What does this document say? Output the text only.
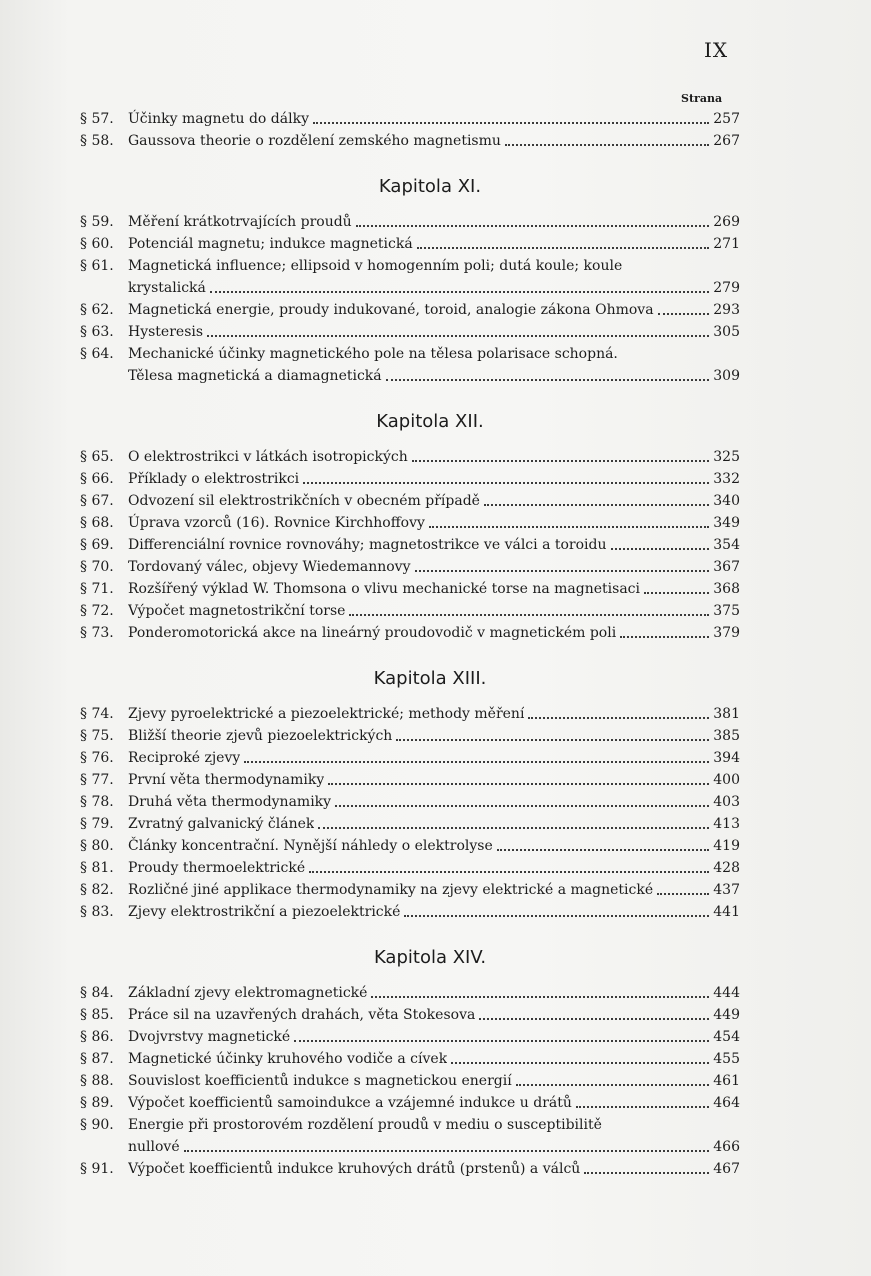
IX
Strana
§ 57.	Účinky magnetu do dálky	257
§ 58.	Gaussova theorie o rozdělení zemského magnetismu	267
Kapitola XI.
§ 59.	Měření krátkotrvajících proudů	269
§ 60.	Potenciál magnetu; indukce magnetická	271
§ 61.	Magnetická influence; ellipsoid v homogenním poli; dutá koule; koule
krystalická	279
§ 62.	Magnetická energie, proudy indukované, toroid, analogie zákona Ohmova	293
§ 63.	Hysteresis	305
§ 64.	Mechanické účinky magnetického pole na tělesa polarisace schopná.
Tělesa magnetická a diamagnetická	309
Kapitola XII.
§ 65.	O elektrostrikci v látkách isotropických	325
§ 66.	Příklady o elektrostrikci	332
§ 67.	Odvození sil elektrostrikčních v obecném případě	340
§ 68.	Úprava vzorců (16). Rovnice Kirchhoffovy	349
§ 69.	Differenciální rovnice rovnováhy; magnetostrikce ve válci a toroidu	354
§ 70.	Tordovaný válec, objevy Wiedemannovy	367
§ 71.	Rozšířený výklad W. Thomsona o vlivu mechanické torse na magnetisaci	368
§ 72.	Výpočet magnetostrikční torse	375
§ 73.	Ponderomotorická akce na lineárný proudovodič v magnetickém poli	379
Kapitola XIII.
§ 74.	Zjevy pyroelektrické a piezoelektrické; methody měření	381
§ 75.	Bližší theorie zjevů piezoelektrických	385
§ 76.	Reciproké zjevy	394
§ 77.	První věta thermodynamiky	400
§ 78.	Druhá věta thermodynamiky	403
§ 79.	Zvratný galvanický článek	413
§ 80.	Články koncentrační. Nynější náhledy o elektrolyse	419
§ 81.	Proudy thermoelektrické	428
§ 82.	Rozličné jiné applikace thermodynamiky na zjevy elektrické a magnetické	437
§ 83.	Zjevy elektrostrikční a piezoelektrické	441
Kapitola XIV.
§ 84.	Základní zjevy elektromagnetické	444
§ 85.	Práce sil na uzavřených drahách, věta Stokesova	449
§ 86.	Dvojvrstvy magnetické	454
§ 87.	Magnetické účinky kruhového vodiče a cívek	455
§ 88.	Souvislost koefficientů indukce s magnetickou energií	461
§ 89.	Výpočet koefficientů samoindukce a vzájemné indukce u drátů	464
§ 90.	Energie při prostorovém rozdělení proudů v mediu o susceptibilitě
nullové	466
§ 91.	Výpočet koefficientů indukce kruhových drátů (prstenů) a válců	467
